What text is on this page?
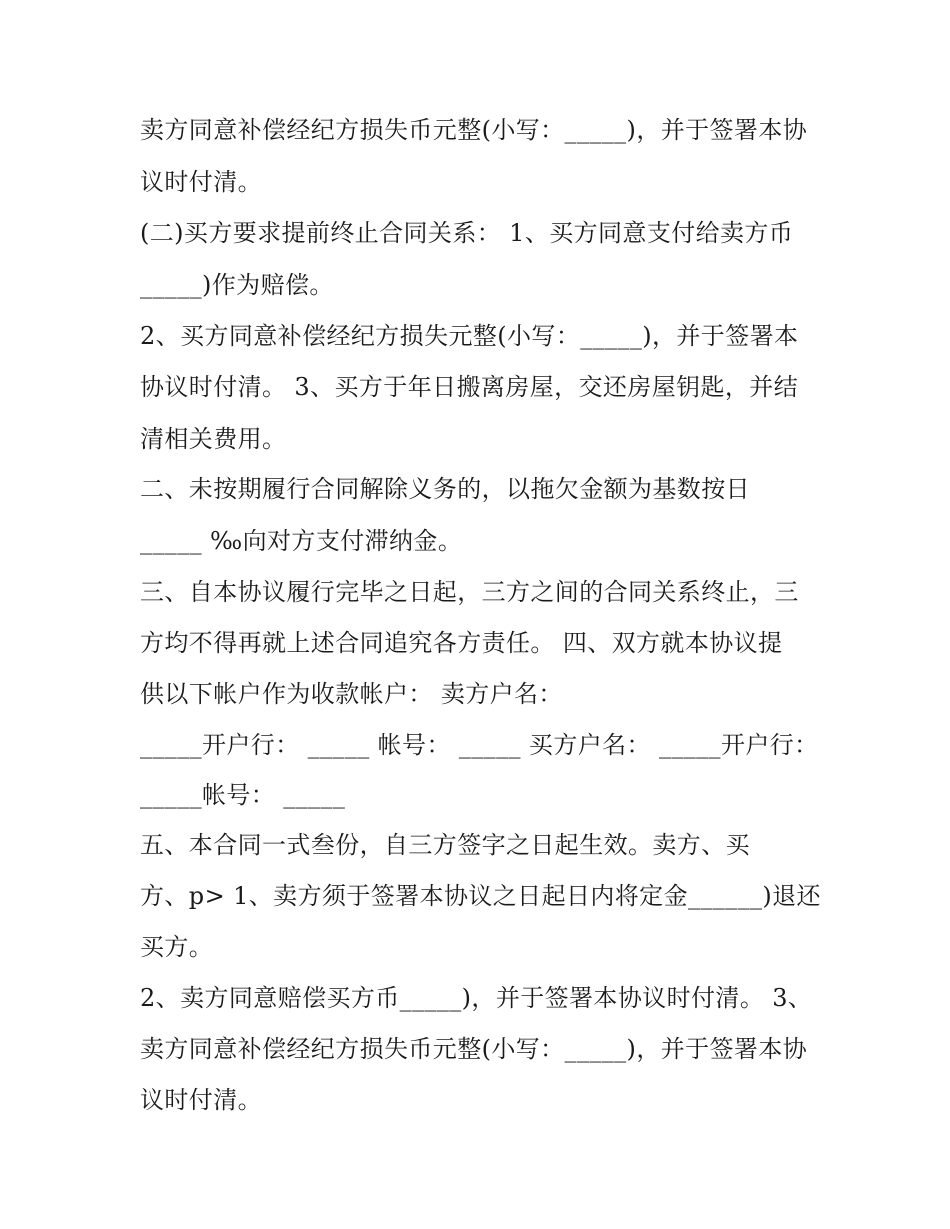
卖方同意补偿经纪方损失币元整(小写：_____)，并于签署本协

议时付清。

(二)买方要求提前终止合同关系： 1、买方同意支付给卖方币

_____)作为赔偿。

2、买方同意补偿经纪方损失元整(小写：_____)，并于签署本

协议时付清。 3、买方于年日搬离房屋，交还房屋钥匙，并结

清相关费用。

二、未按期履行合同解除义务的，以拖欠金额为基数按日

_____ ‰向对方支付滞纳金。

三、自本协议履行完毕之日起，三方之间的合同关系终止，三

方均不得再就上述合同追究各方责任。 四、双方就本协议提

供以下帐户作为收款帐户： 卖方户名：

_____开户行： _____ 帐号： _____ 买方户名： _____开户行：

_____帐号： _____

五、本合同一式叁份，自三方签字之日起生效。卖方、买

方、p> 1、卖方须于签署本协议之日起日内将定金______)退还

买方。

2、卖方同意赔偿买方币_____)，并于签署本协议时付清。 3、

卖方同意补偿经纪方损失币元整(小写：_____)，并于签署本协

议时付清。
